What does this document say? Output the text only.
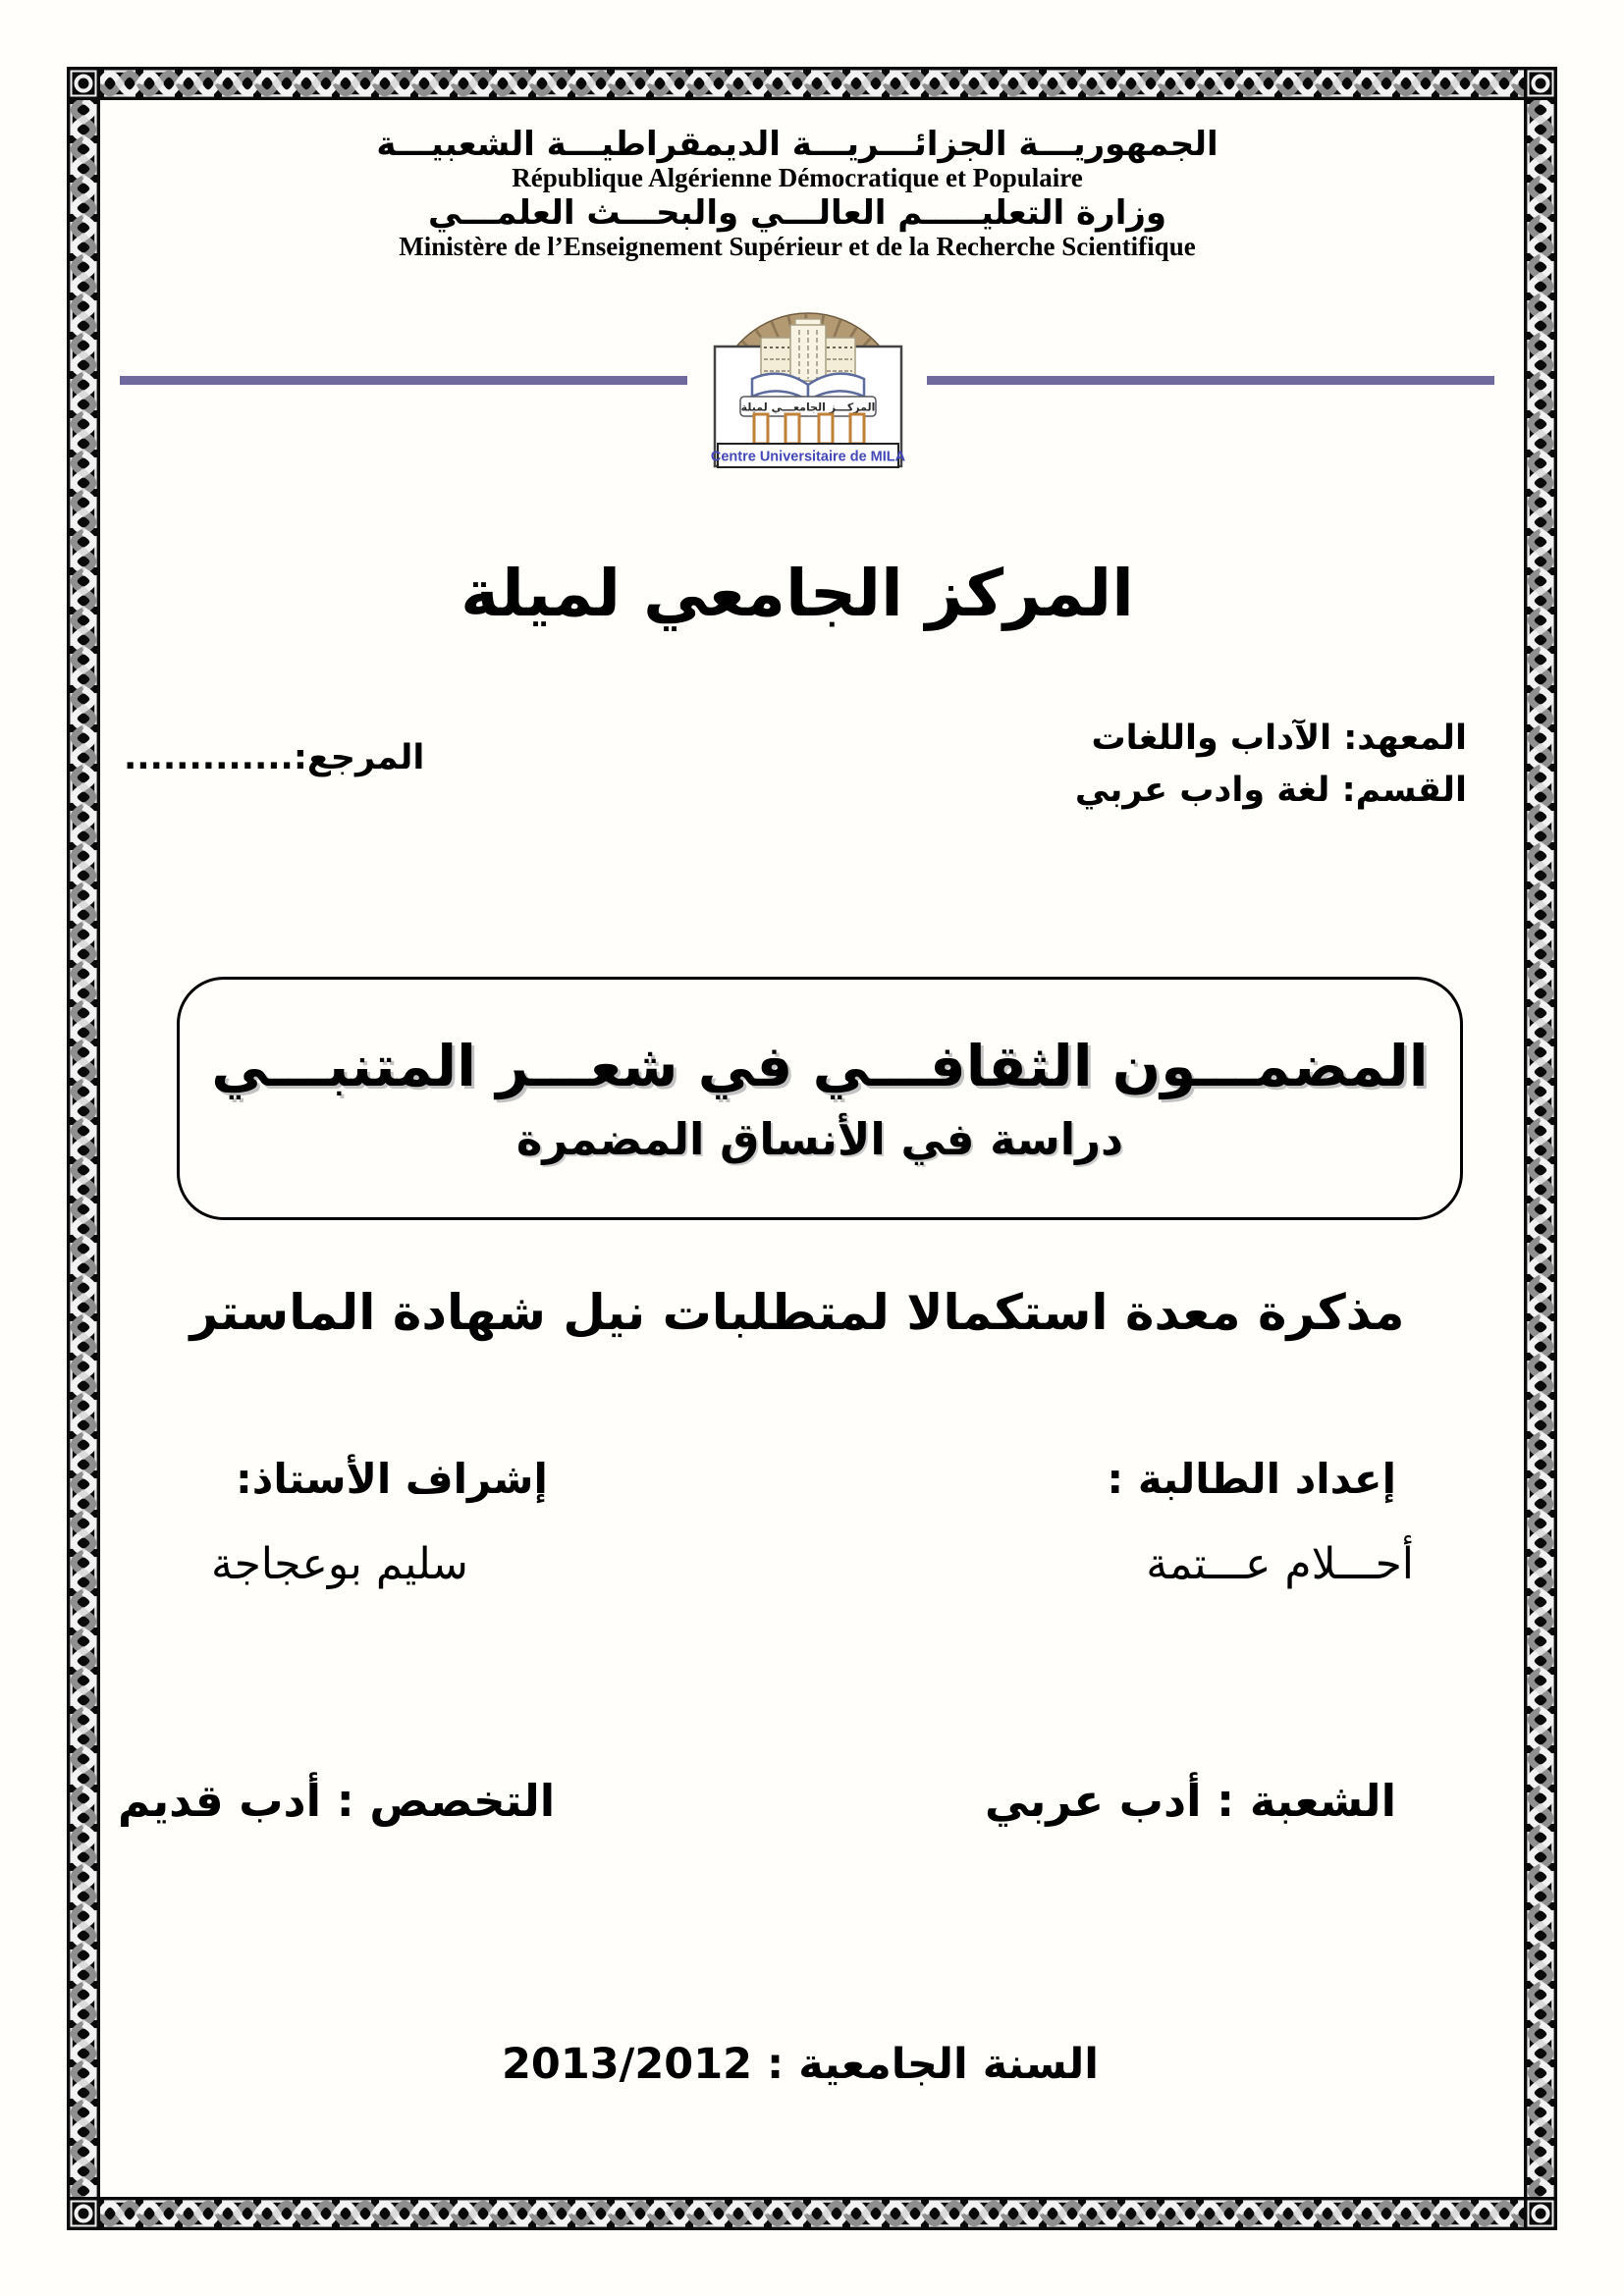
الجمهوريـــة الجزائـــريـــة الديمقراطيـــة الشعبيـــة
République Algérienne Démocratique et Populaire
وزارة التعليـــــم العالـــي والبحـــث العلمـــي
Ministère de l’Enseignement Supérieur et de la Recherche Scientifique
المركـــز الجامعـــي لميلة
Centre Universitaire de MILA
المركز الجامعي لميلة
المعهد: الآداب واللغات
القسم: لغة وادب عربي
المرجع:.............
المضمـــون الثقافـــي في شعـــر المتنبـــي
دراسة في الأنساق المضمرة
مذكرة معدة استكمالا لمتطلبات نيل شهادة الماستر
إعداد الطالبة :
إشراف الأستاذ:
أحـــلام عـــتمة
سليم بوعجاجة
الشعبة : أدب عربي
التخصص : أدب قديم
السنة الجامعية : 2013/2012
